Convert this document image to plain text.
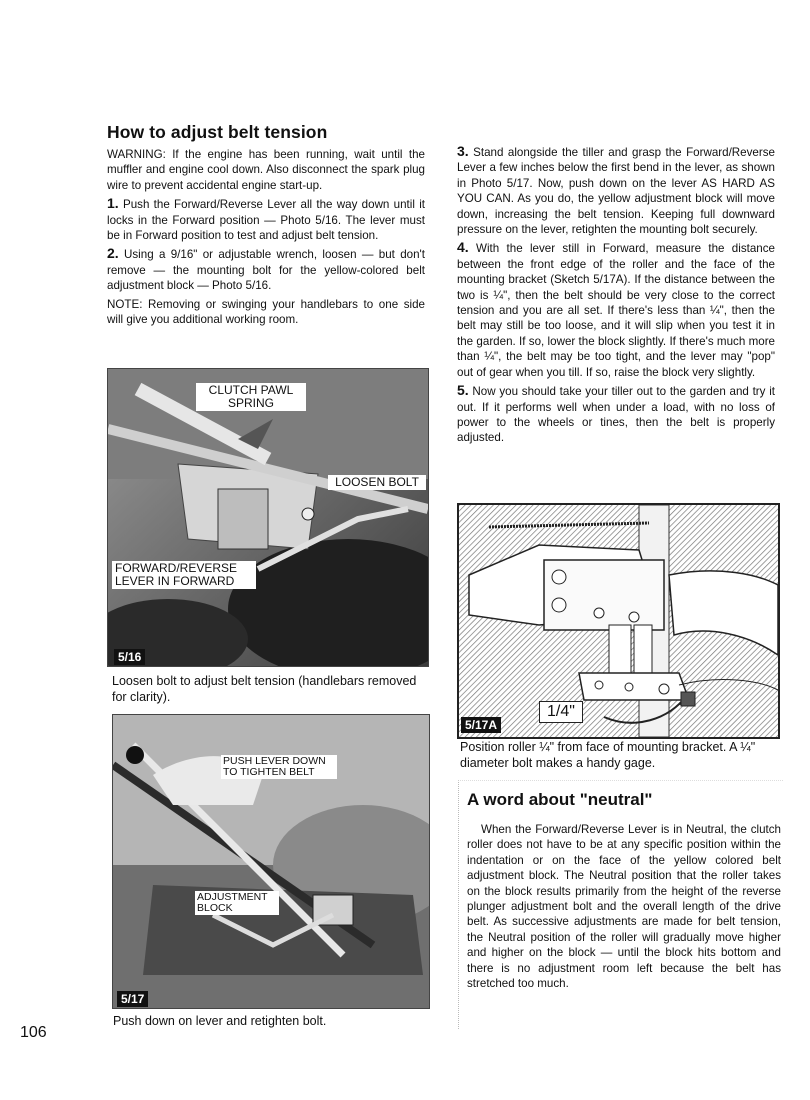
How to adjust belt tension

WARNING: If the engine has been running, wait until the muffler and engine cool down. Also disconnect the spark plug wire to prevent accidental engine start-up.

1. Push the Forward/Reverse Lever all the way down until it locks in the Forward position — Photo 5/16. The lever must be in Forward position to test and adjust belt tension.

2. Using a 9/16" or adjustable wrench, loosen — but don't remove — the mounting bolt for the yellow-colored belt adjustment block — Photo 5/16.

NOTE: Removing or swinging your handlebars to one side will give you additional working room.

3. Stand alongside the tiller and grasp the Forward/Reverse Lever a few inches below the first bend in the lever, as shown in Photo 5/17. Now, push down on the lever AS HARD AS YOU CAN. As you do, the yellow adjustment block will move down, increasing the belt tension. Keeping full downward pressure on the lever, retighten the mounting bolt securely.

4. With the lever still in Forward, measure the distance between the front edge of the roller and the face of the mounting bracket (Sketch 5/17A). If the distance between the two is ¼", then the belt should be very close to the correct tension and you are all set. If there's less than ¼", then the belt may still be too loose, and it will slip when you test it in the garden. If so, lower the block slightly. If there's much more than ¼", the belt may be too tight, and the lever may "pop" out of gear when you till. If so, raise the block very slightly.

5. Now you should take your tiller out to the garden and try it out. If it performs well when under a load, with no loss of power to the wheels or tines, then the belt is properly adjusted.

CLUTCH PAWL SPRING
LOOSEN BOLT
FORWARD/REVERSE LEVER IN FORWARD
5/16
Loosen bolt to adjust belt tension (handlebars removed for clarity).
PUSH LEVER DOWN TO TIGHTEN BELT
ADJUSTMENT BLOCK
5/17
Push down on lever and retighten bolt.
1/4"
5/17A
Position roller ¼" from face of mounting bracket. A ¼" diameter bolt makes a handy gage.
A word about "neutral"

When the Forward/Reverse Lever is in Neutral, the clutch roller does not have to be at any specific position within the indentation or on the face of the yellow colored belt adjustment block. The Neutral position that the roller takes on the block results primarily from the height of the reverse plunger adjustment bolt and the overall length of the drive belt. As successive adjustments are made for belt tension, the Neutral position of the roller will gradually move higher and higher on the block — until the block hits bottom and there is no adjustment room left because the belt has stretched too much.

106
